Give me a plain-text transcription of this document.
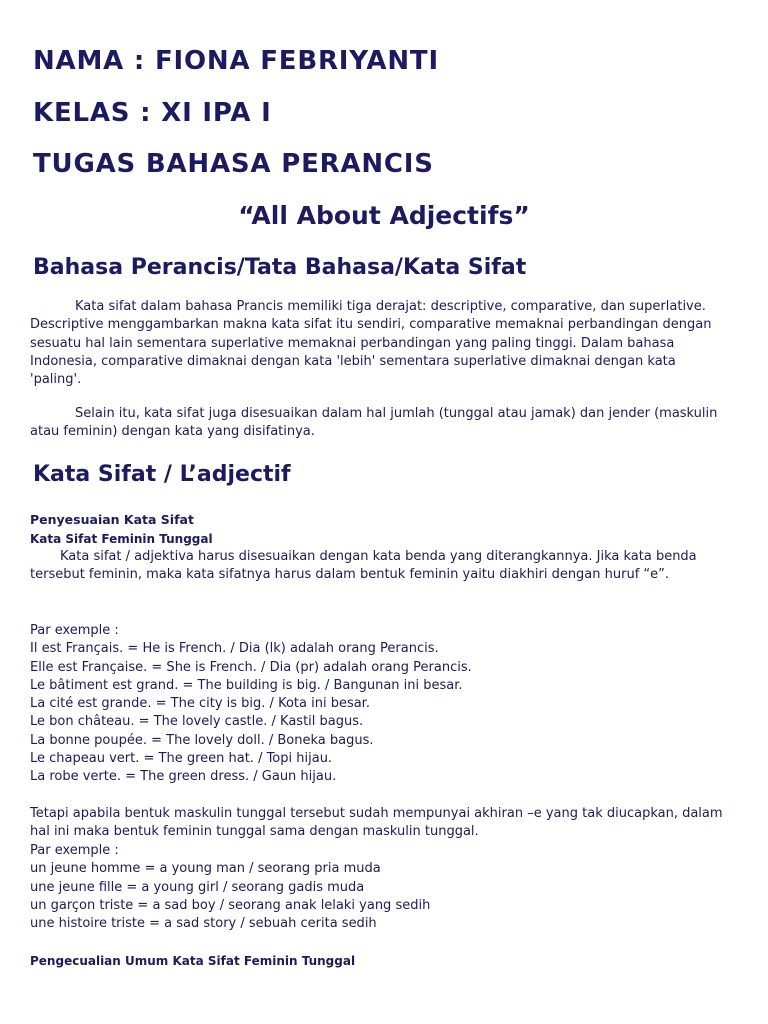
NAMA : FIONA FEBRIYANTI
KELAS : XI IPA I
TUGAS BAHASA PERANCIS
“All About Adjectifs”
Bahasa Perancis/Tata Bahasa/Kata Sifat

Kata sifat dalam bahasa Prancis memiliki tiga derajat: descriptive, comparative, dan superlative. Descriptive menggambarkan makna kata sifat itu sendiri, comparative memaknai perbandingan dengan sesuatu hal lain sementara superlative memaknai perbandingan yang paling tinggi. Dalam bahasa Indonesia, comparative dimaknai dengan kata 'lebih' sementara superlative dimaknai dengan kata 'paling'.

Selain itu, kata sifat juga disesuaikan dalam hal jumlah (tunggal atau jamak) dan jender (maskulin atau feminin) dengan kata yang disifatinya.

Kata Sifat / L’adjectif
Penyesuaian Kata Sifat
Kata Sifat Feminin Tunggal

Kata sifat / adjektiva harus disesuaikan dengan kata benda yang diterangkannya. Jika kata benda tersebut feminin, maka kata sifatnya harus dalam bentuk feminin yaitu diakhiri dengan huruf “e”.

Par exemple :
Il est Français. = He is French. / Dia (lk) adalah orang Perancis.
Elle est Française. = She is French. / Dia (pr) adalah orang Perancis.
Le bâtiment est grand. = The building is big. / Bangunan ini besar.
La cité est grande. = The city is big. / Kota ini besar.
Le bon château. = The lovely castle. / Kastil bagus.
La bonne poupée. = The lovely doll. / Boneka bagus.
Le chapeau vert. = The green hat. / Topi hijau.
La robe verte. = The green dress. / Gaun hijau.

Tetapi apabila bentuk maskulin tunggal tersebut sudah mempunyai akhiran –e yang tak diucapkan, dalam hal ini maka bentuk feminin tunggal sama dengan maskulin tunggal.

Par exemple :
un jeune homme = a young man / seorang pria muda
une jeune fille = a young girl / seorang gadis muda
un garçon triste = a sad boy / seorang anak lelaki yang sedih
une histoire triste = a sad story / sebuah cerita sedih
Pengecualian Umum Kata Sifat Feminin Tunggal
